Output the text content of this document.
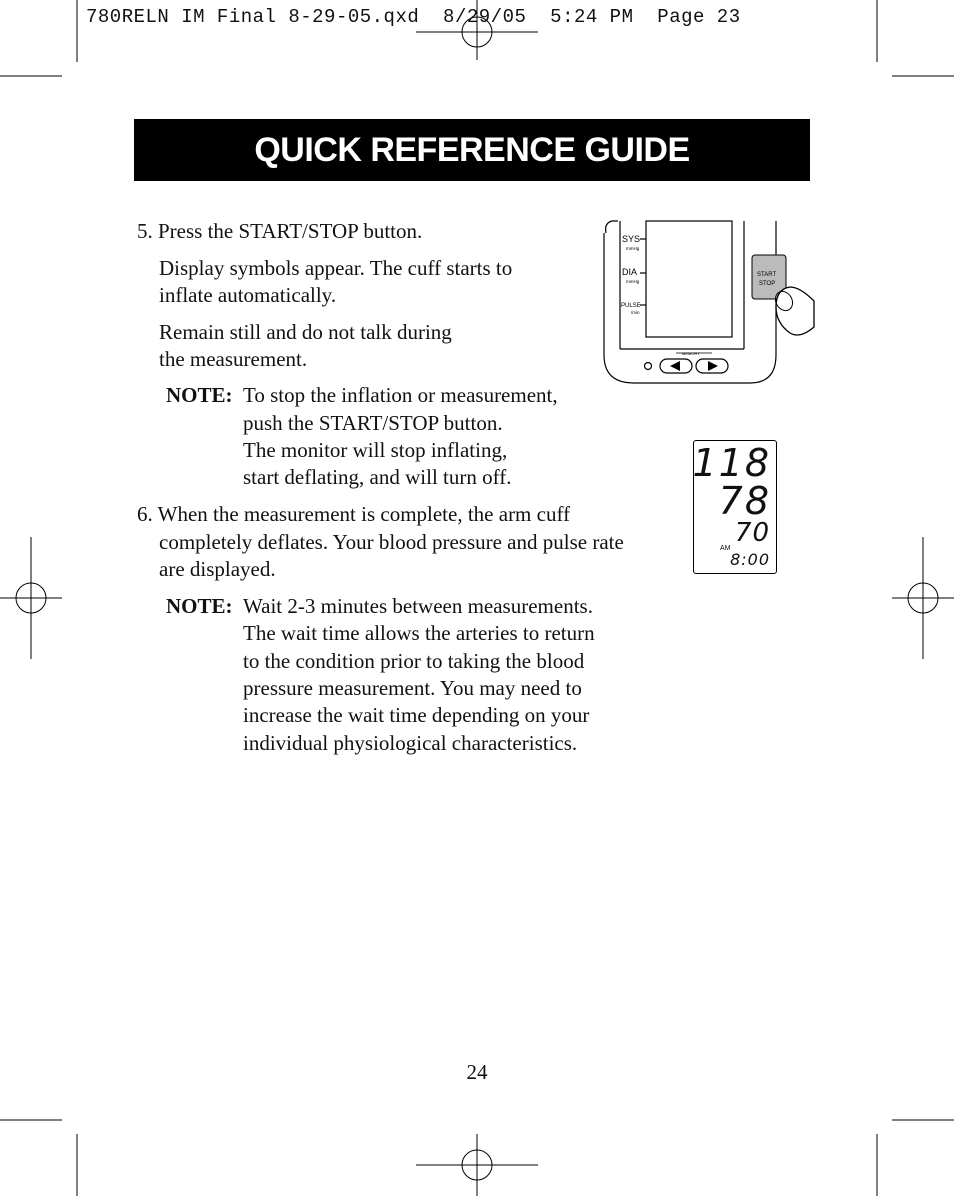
780RELN IM Final 8-29-05.qxd  8/29/05  5:24 PM  Page 23
QUICK REFERENCE GUIDE
5. Press the START/STOP button.
Display symbols appear. The cuff starts to
inflate automatically.
Remain still and do not talk during
the measurement.
NOTE: To stop the inflation or measurement,
push the START/STOP button.
The monitor will stop inflating,
start deflating, and will turn off.
6. When the measurement is complete, the arm cuff
completely deflates. Your blood pressure and pulse rate
are displayed.
NOTE: Wait 2-3 minutes between measurements.
The wait time allows the arteries to return
to the condition prior to taking the blood
pressure measurement. You may need to
increase the wait time depending on your
individual physiological characteristics.
SYS
mmHg
DIA
mmHg
PULSE
/min
MEMORY
START
STOP
118
78
70
AM
8:00
24
